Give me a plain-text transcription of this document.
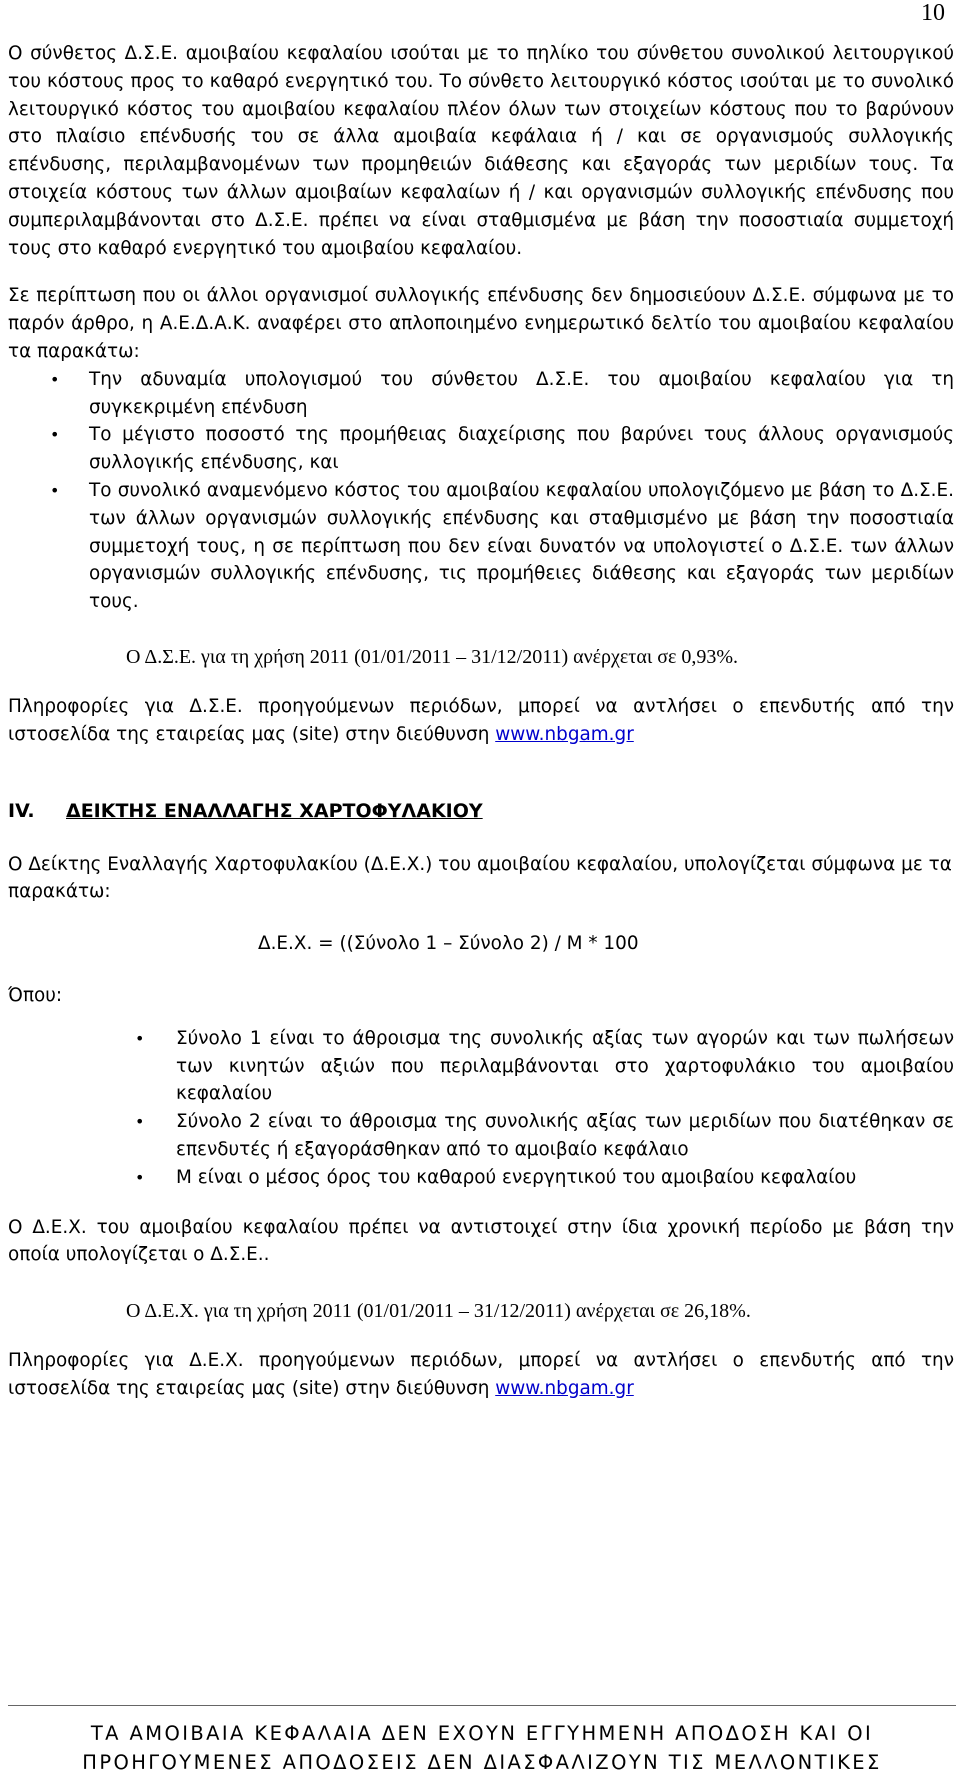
10

Ο σύνθετος Δ.Σ.Ε. αμοιβαίου κεφαλαίου ισούται με το πηλίκο του σύνθετου συνολικού λειτουργικού του κόστους προς το καθαρό ενεργητικό του. Το σύνθετο λειτουργικό κόστος ισούται με το συνολικό λειτουργικό κόστος του αμοιβαίου κεφαλαίου πλέον όλων των στοιχείων κόστους που το βαρύνουν στο πλαίσιο επένδυσής του σε άλλα αμοιβαία κεφάλαια ή / και σε οργανισμούς συλλογικής επένδυσης, περιλαμβανομένων των προμηθειών διάθεσης και εξαγοράς των μεριδίων τους. Τα στοιχεία κόστους των άλλων αμοιβαίων κεφαλαίων ή / και οργανισμών συλλογικής επένδυσης που συμπεριλαμβάνονται στο Δ.Σ.Ε. πρέπει να είναι σταθμισμένα με βάση την ποσοστιαία συμμετοχή τους στο καθαρό ενεργητικό του αμοιβαίου κεφαλαίου.

Σε περίπτωση που οι άλλοι οργανισμοί συλλογικής επένδυσης δεν δημοσιεύουν Δ.Σ.Ε. σύμφωνα με το παρόν άρθρο, η Α.Ε.Δ.Α.Κ. αναφέρει στο απλοποιημένο ενημερωτικό δελτίο του αμοιβαίου κεφαλαίου τα παρακάτω:

• Την αδυναμία υπολογισμού του σύνθετου Δ.Σ.Ε. του αμοιβαίου κεφαλαίου για τη συγκεκριμένη επένδυση
• Το μέγιστο ποσοστό της προμήθειας διαχείρισης που βαρύνει τους άλλους οργανισμούς συλλογικής επένδυσης, και
• Το συνολικό αναμενόμενο κόστος του αμοιβαίου κεφαλαίου υπολογιζόμενο με βάση το Δ.Σ.Ε. των άλλων οργανισμών συλλογικής επένδυσης και σταθμισμένο με βάση την ποσοστιαία συμμετοχή τους, η σε περίπτωση που δεν είναι δυνατόν να υπολογιστεί ο Δ.Σ.Ε. των άλλων οργανισμών συλλογικής επένδυσης, τις προμήθειες διάθεσης και εξαγοράς των μεριδίων τους.

Ο Δ.Σ.Ε. για τη χρήση 2011 (01/01/2011 – 31/12/2011) ανέρχεται σε 0,93%.

Πληροφορίες για Δ.Σ.Ε. προηγούμενων περιόδων, μπορεί να αντλήσει ο επενδυτής από την ιστοσελίδα της εταιρείας μας (site) στην διεύθυνση www.nbgam.gr

IV. ΔΕΙΚΤΗΣ ΕΝΑΛΛΑΓΗΣ ΧΑΡΤΟΦΥΛΑΚΙΟΥ

Ο Δείκτης Εναλλαγής Χαρτοφυλακίου (Δ.Ε.Χ.) του αμοιβαίου κεφαλαίου, υπολογίζεται σύμφωνα με τα παρακάτω:

Δ.Ε.Χ. = ((Σύνολο 1 – Σύνολο 2) / M * 100

Όπου:

• Σύνολο 1 είναι το άθροισμα της συνολικής αξίας των αγορών και των πωλήσεων των κινητών αξιών που περιλαμβάνονται στο χαρτοφυλάκιο του αμοιβαίου κεφαλαίου
• Σύνολο 2 είναι το άθροισμα της συνολικής αξίας των μεριδίων που διατέθηκαν σε επενδυτές ή εξαγοράσθηκαν από το αμοιβαίο κεφάλαιο
• M είναι ο μέσος όρος του καθαρού ενεργητικού του αμοιβαίου κεφαλαίου

Ο Δ.Ε.Χ. του αμοιβαίου κεφαλαίου πρέπει να αντιστοιχεί στην ίδια χρονική περίοδο με βάση την οποία υπολογίζεται ο Δ.Σ.Ε..

Ο Δ.Ε.Χ. για τη χρήση 2011 (01/01/2011 – 31/12/2011) ανέρχεται σε 26,18%.

Πληροφορίες για Δ.Ε.Χ. προηγούμενων περιόδων, μπορεί να αντλήσει ο επενδυτής από την ιστοσελίδα της εταιρείας μας (site) στην διεύθυνση www.nbgam.gr

ΤΑ ΑΜΟΙΒΑΙΑ ΚΕΦΑΛΑΙΑ ΔΕΝ ΕΧΟΥΝ ΕΓΓΥΗΜΕΝΗ ΑΠΟΔΟΣΗ ΚΑΙ ΟΙ
ΠΡΟΗΓΟΥΜΕΝΕΣ ΑΠΟΔΟΣΕΙΣ ΔΕΝ ΔΙΑΣΦΑΛΙΖΟΥΝ ΤΙΣ ΜΕΛΛΟΝΤΙΚΕΣ
